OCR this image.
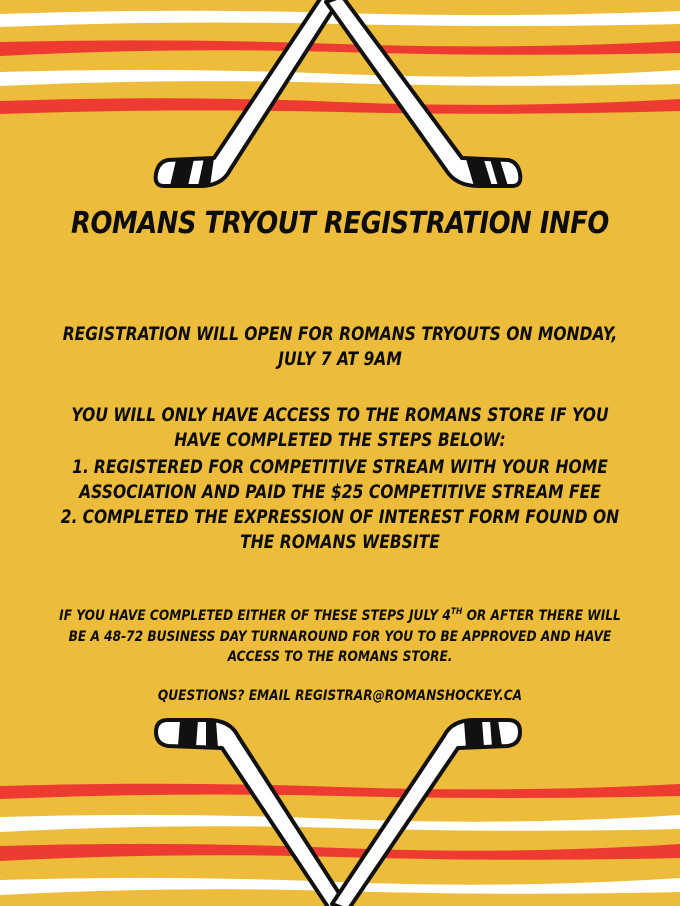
ROMANS TRYOUT REGISTRATION INFO

REGISTRATION WILL OPEN FOR ROMANS TRYOUTS ON MONDAY, JULY 7 AT 9AM

YOU WILL ONLY HAVE ACCESS TO THE ROMANS STORE IF YOU HAVE COMPLETED THE STEPS BELOW:

1. REGISTERED FOR COMPETITIVE STREAM WITH YOUR HOME ASSOCIATION AND PAID THE $25 COMPETITIVE STREAM FEE
2. COMPLETED THE EXPRESSION OF INTEREST FORM FOUND ON THE ROMANS WEBSITE

IF YOU HAVE COMPLETED EITHER OF THESE STEPS JULY 4TH OR AFTER THERE WILL BE A 48-72 BUSINESS DAY TURNAROUND FOR YOU TO BE APPROVED AND HAVE ACCESS TO THE ROMANS STORE.

QUESTIONS? EMAIL REGISTRAR@ROMANSHOCKEY.CA
